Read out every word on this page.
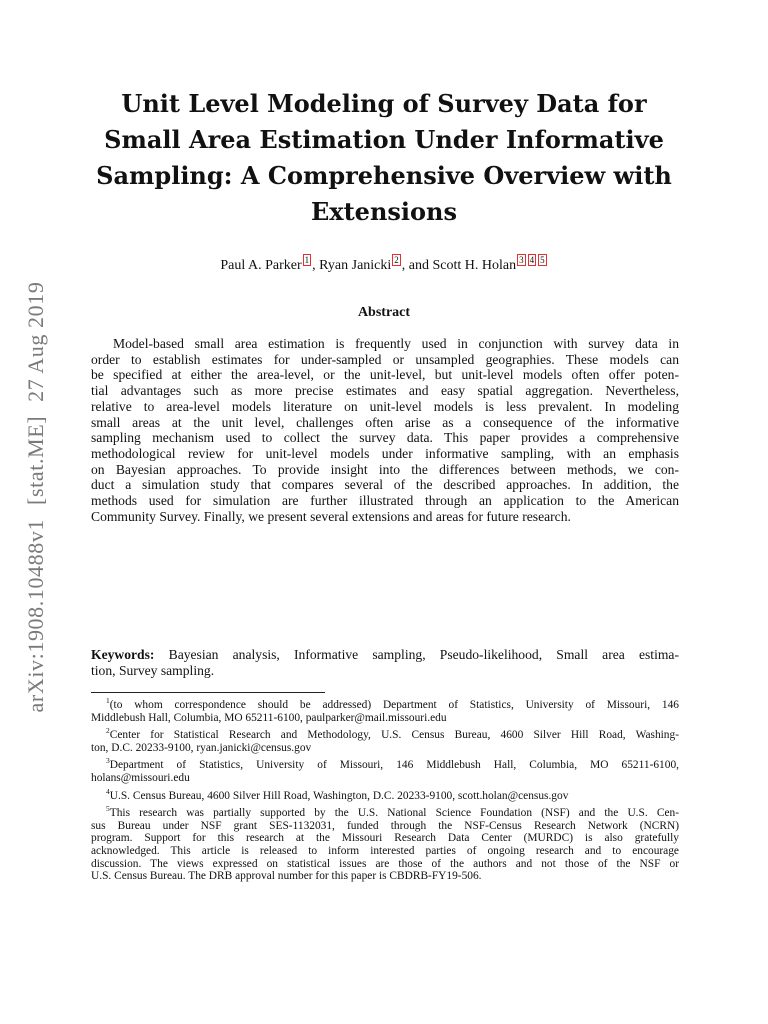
arXiv:1908.10488v1[stat.ME]27 Aug 2019
Unit Level Modeling of Survey Data for
Small Area Estimation Under Informative
Sampling: A Comprehensive Overview with
Extensions
Paul A. Parker $^1$ , Ryan Janicki $^2$ , and Scott H. Holan $^3$ $^4$ $^5$
Abstract
Model-based small area estimation is frequently used in conjunction with survey data in
order to establish estimates for under-sampled or unsampled geographies. These models can
be specified at either the area-level, or the unit-level, but unit-level models often offer poten-
tial advantages such as more precise estimates and easy spatial aggregation. Nevertheless,
relative to area-level models literature on unit-level models is less prevalent. In modeling
small areas at the unit level, challenges often arise as a consequence of the informative
sampling mechanism used to collect the survey data. This paper provides a comprehensive
methodological review for unit-level models under informative sampling, with an emphasis
on Bayesian approaches. To provide insight into the differences between methods, we con-
duct a simulation study that compares several of the described approaches. In addition, the
methods used for simulation are further illustrated through an application to the American
Community Survey. Finally, we present several extensions and areas for future research.
Keywords: Bayesian analysis, Informative sampling, Pseudo-likelihood, Small area estima-
tion, Survey sampling.
$^1$(to whom correspondence should be addressed) Department of Statistics, University of Missouri, 146
Middlebush Hall, Columbia, MO 65211-6100, paulparker@mail.missouri.edu
$^2$Center for Statistical Research and Methodology, U.S. Census Bureau, 4600 Silver Hill Road, Washing-
ton, D.C. 20233-9100, ryan.janicki@census.gov
$^3$Department of Statistics, University of Missouri, 146 Middlebush Hall, Columbia, MO 65211-6100,
holans@missouri.edu
$^4$U.S. Census Bureau, 4600 Silver Hill Road, Washington, D.C. 20233-9100, scott.holan@census.gov
$^5$This research was partially supported by the U.S. National Science Foundation (NSF) and the U.S. Cen-
sus Bureau under NSF grant SES-1132031, funded through the NSF-Census Research Network (NCRN)
program. Support for this research at the Missouri Research Data Center (MURDC) is also gratefully
acknowledged. This article is released to inform interested parties of ongoing research and to encourage
discussion. The views expressed on statistical issues are those of the authors and not those of the NSF or
U.S. Census Bureau. The DRB approval number for this paper is CBDRB-FY19-506.
